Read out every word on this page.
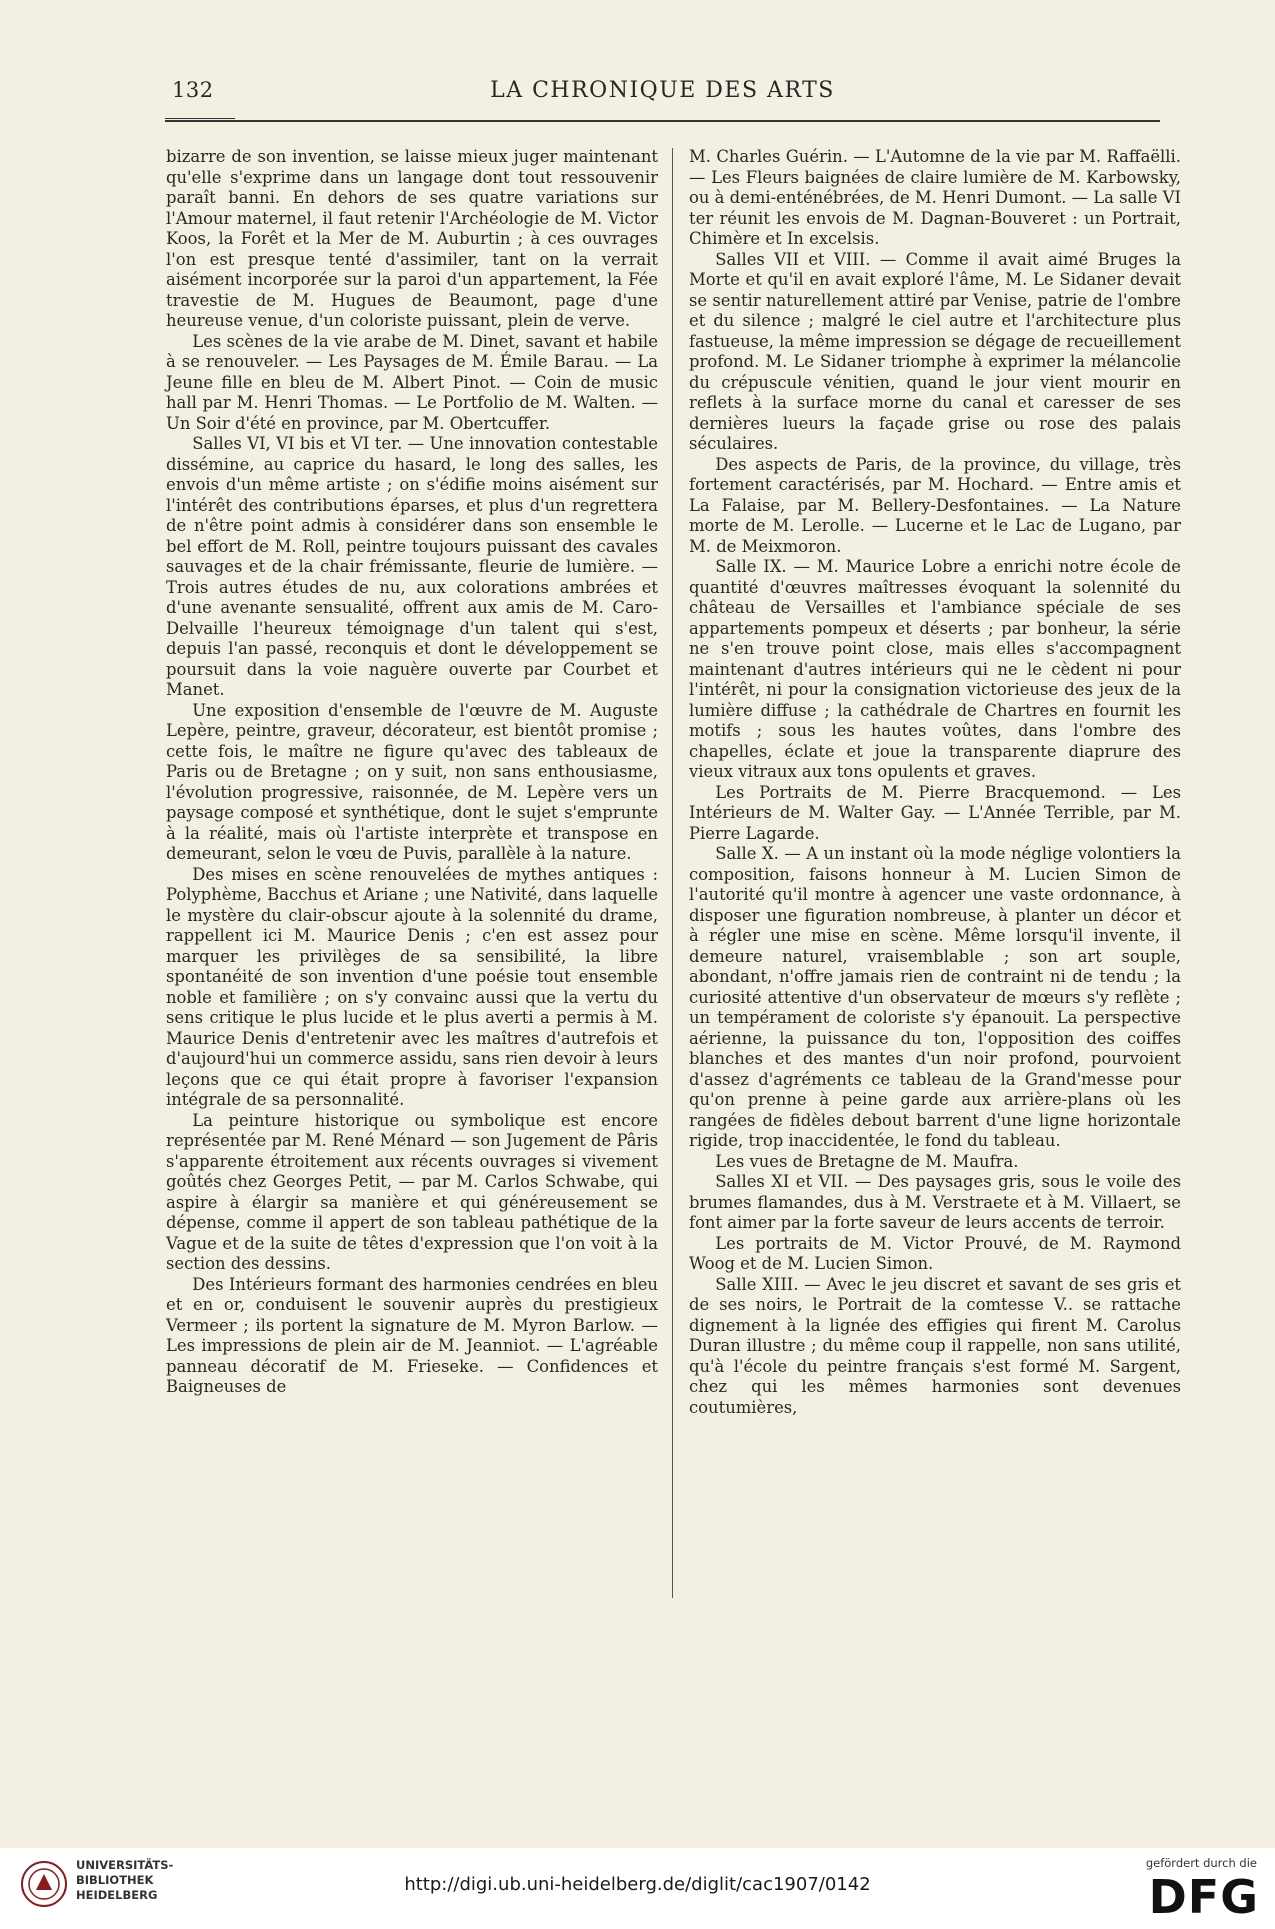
132	LA CHRONIQUE DES ARTS

bizarre de son invention, se laisse mieux juger maintenant qu'elle s'exprime dans un langage dont tout ressouvenir paraît banni. En dehors de ses quatre variations sur l'Amour maternel, il faut retenir l'Archéologie de M. Victor Koos, la Forêt et la Mer de M. Auburtin ; à ces ouvrages l'on est presque tenté d'assimiler, tant on la verrait aisément incorporée sur la paroi d'un appartement, la Fée travestie de M. Hugues de Beaumont, page d'une heureuse venue, d'un coloriste puissant, plein de verve.

Les scènes de la vie arabe de M. Dinet, savant et habile à se renouveler. — Les Paysages de M. Émile Barau. — La Jeune fille en bleu de M. Albert Pinot. — Coin de music hall par M. Henri Thomas. — Le Portfolio de M. Walten. — Un Soir d'été en province, par M. Obertcuffer.

Salles VI, VI bis et VI ter. — Une innovation contestable dissémine, au caprice du hasard, le long des salles, les envois d'un même artiste ; on s'édifie moins aisément sur l'intérêt des contributions éparses, et plus d'un regrettera de n'être point admis à considérer dans son ensemble le bel effort de M. Roll, peintre toujours puissant des cavales sauvages et de la chair frémissante, fleurie de lumière. — Trois autres études de nu, aux colorations ambrées et d'une avenante sensualité, offrent aux amis de M. Caro-Delvaille l'heureux témoignage d'un talent qui s'est, depuis l'an passé, reconquis et dont le développement se poursuit dans la voie naguère ouverte par Courbet et Manet.

Une exposition d'ensemble de l'œuvre de M. Auguste Lepère, peintre, graveur, décorateur, est bientôt promise ; cette fois, le maître ne figure qu'avec des tableaux de Paris ou de Bretagne ; on y suit, non sans enthousiasme, l'évolution progressive, raisonnée, de M. Lepère vers un paysage composé et synthétique, dont le sujet s'emprunte à la réalité, mais où l'artiste interprète et transpose en demeurant, selon le vœu de Puvis, parallèle à la nature.

Des mises en scène renouvelées de mythes antiques : Polyphème, Bacchus et Ariane ; une Nativité, dans laquelle le mystère du clair-obscur ajoute à la solennité du drame, rappellent ici M. Maurice Denis ; c'en est assez pour marquer les privilèges de sa sensibilité, la libre spontanéité de son invention d'une poésie tout ensemble noble et familière ; on s'y convainc aussi que la vertu du sens critique le plus lucide et le plus averti a permis à M. Maurice Denis d'entretenir avec les maîtres d'autrefois et d'aujourd'hui un commerce assidu, sans rien devoir à leurs leçons que ce qui était propre à favoriser l'expansion intégrale de sa personnalité.

La peinture historique ou symbolique est encore représentée par M. René Ménard — son Jugement de Pâris s'apparente étroitement aux récents ouvrages si vivement goûtés chez Georges Petit, — par M. Carlos Schwabe, qui aspire à élargir sa manière et qui généreusement se dépense, comme il appert de son tableau pathétique de la Vague et de la suite de têtes d'expression que l'on voit à la section des dessins.

Des Intérieurs formant des harmonies cendrées en bleu et en or, conduisent le souvenir auprès du prestigieux Vermeer ; ils portent la signature de M. Myron Barlow. — Les impressions de plein air de M. Jeanniot. — L'agréable panneau décoratif de M. Frieseke. — Confidences et Baigneuses de

M. Charles Guérin. — L'Automne de la vie par M. Raffaëlli. — Les Fleurs baignées de claire lumière de M. Karbowsky, ou à demi-enténébrées, de M. Henri Dumont. — La salle VI ter réunit les envois de M. Dagnan-Bouveret : un Portrait, Chimère et In excelsis.

Salles VII et VIII. — Comme il avait aimé Bruges la Morte et qu'il en avait exploré l'âme, M. Le Sidaner devait se sentir naturellement attiré par Venise, patrie de l'ombre et du silence ; malgré le ciel autre et l'architecture plus fastueuse, la même impression se dégage de recueillement profond. M. Le Sidaner triomphe à exprimer la mélancolie du crépuscule vénitien, quand le jour vient mourir en reflets à la surface morne du canal et caresser de ses dernières lueurs la façade grise ou rose des palais séculaires.

Des aspects de Paris, de la province, du village, très fortement caractérisés, par M. Hochard. — Entre amis et La Falaise, par M. Bellery-Desfontaines. — La Nature morte de M. Lerolle. — Lucerne et le Lac de Lugano, par M. de Meixmoron.

Salle IX. — M. Maurice Lobre a enrichi notre école de quantité d'œuvres maîtresses évoquant la solennité du château de Versailles et l'ambiance spéciale de ses appartements pompeux et déserts ; par bonheur, la série ne s'en trouve point close, mais elles s'accompagnent maintenant d'autres intérieurs qui ne le cèdent ni pour l'intérêt, ni pour la consignation victorieuse des jeux de la lumière diffuse ; la cathédrale de Chartres en fournit les motifs ; sous les hautes voûtes, dans l'ombre des chapelles, éclate et joue la transparente diaprure des vieux vitraux aux tons opulents et graves.

Les Portraits de M. Pierre Bracquemond. — Les Intérieurs de M. Walter Gay. — L'Année Terrible, par M. Pierre Lagarde.

Salle X. — A un instant où la mode néglige volontiers la composition, faisons honneur à M. Lucien Simon de l'autorité qu'il montre à agencer une vaste ordonnance, à disposer une figuration nombreuse, à planter un décor et à régler une mise en scène. Même lorsqu'il invente, il demeure naturel, vraisemblable ; son art souple, abondant, n'offre jamais rien de contraint ni de tendu ; la curiosité attentive d'un observateur de mœurs s'y reflète ; un tempérament de coloriste s'y épanouit. La perspective aérienne, la puissance du ton, l'opposition des coiffes blanches et des mantes d'un noir profond, pourvoient d'assez d'agréments ce tableau de la Grand'messe pour qu'on prenne à peine garde aux arrière-plans où les rangées de fidèles debout barrent d'une ligne horizontale rigide, trop inaccidentée, le fond du tableau.

Les vues de Bretagne de M. Maufra.

Salles XI et VII. — Des paysages gris, sous le voile des brumes flamandes, dus à M. Verstraete et à M. Villaert, se font aimer par la forte saveur de leurs accents de terroir.

Les portraits de M. Victor Prouvé, de M. Raymond Woog et de M. Lucien Simon.

Salle XIII. — Avec le jeu discret et savant de ses gris et de ses noirs, le Portrait de la comtesse V.. se rattache dignement à la lignée des effigies qui firent M. Carolus Duran illustre ; du même coup il rappelle, non sans utilité, qu'à l'école du peintre français s'est formé M. Sargent, chez qui les mêmes harmonies sont devenues coutumières,

UNIVERSITÄTS-
BIBLIOTHEK
HEIDELBERG	http://digi.ub.uni-heidelberg.de/diglit/cac1907/0142
gefördert durch die
DFG
